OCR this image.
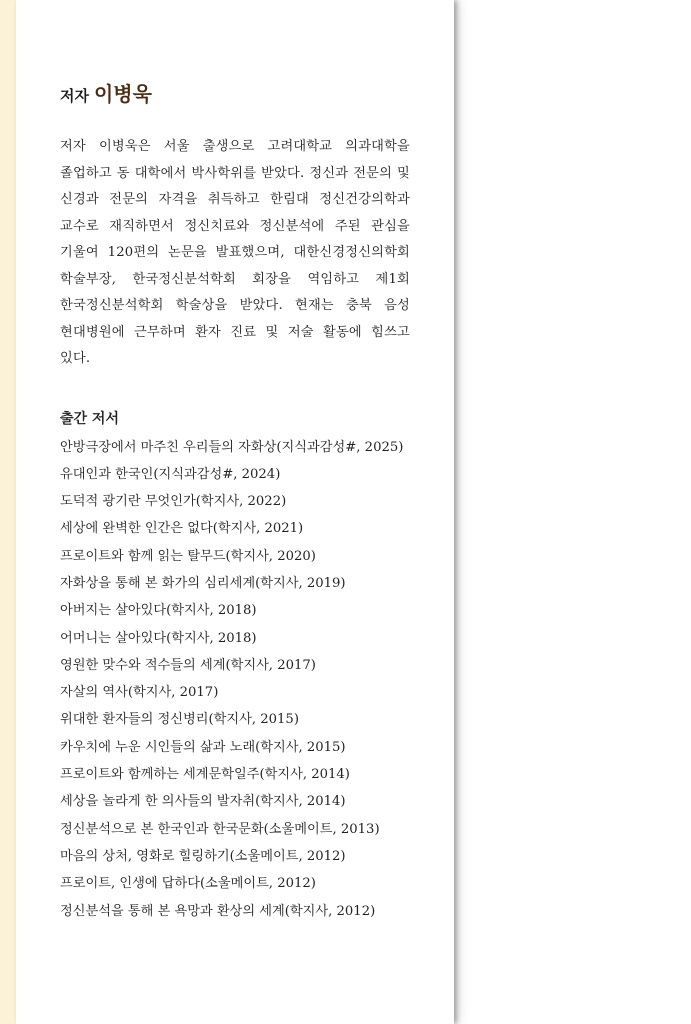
저자 이병욱

저자 이병욱은 서울 출생으로 고려대학교 의과대학을 졸업하고 동 대학에서 박사학위를 받았다. 정신과 전문의 및 신경과 전문의 자격을 취득하고 한림대 정신건강의학과 교수로 재직하면서 정신치료와 정신분석에 주된 관심을 기울여 120편의 논문을 발표했으며, 대한신경정신의학회 학술부장, 한국정신분석학회 회장을 역임하고 제1회 한국정신분석학회 학술상을 받았다. 현재는 충북 음성 현대병원에 근무하며 환자 진료 및 저술 활동에 힘쓰고 있다.

출간 저서
안방극장에서 마주친 우리들의 자화상(지식과감성#, 2025)
유대인과 한국인(지식과감성#, 2024)
도덕적 광기란 무엇인가(학지사, 2022)
세상에 완벽한 인간은 없다(학지사, 2021)
프로이트와 함께 읽는 탈무드(학지사, 2020)
자화상을 통해 본 화가의 심리세계(학지사, 2019)
아버지는 살아있다(학지사, 2018)
어머니는 살아있다(학지사, 2018)
영원한 맞수와 적수들의 세계(학지사, 2017)
자살의 역사(학지사, 2017)
위대한 환자들의 정신병리(학지사, 2015)
카우치에 누운 시인들의 삶과 노래(학지사, 2015)
프로이트와 함께하는 세계문학일주(학지사, 2014)
세상을 놀라게 한 의사들의 발자취(학지사, 2014)
정신분석으로 본 한국인과 한국문화(소울메이트, 2013)
마음의 상처, 영화로 힐링하기(소울메이트, 2012)
프로이트, 인생에 답하다(소울메이트, 2012)
정신분석을 통해 본 욕망과 환상의 세계(학지사, 2012)
